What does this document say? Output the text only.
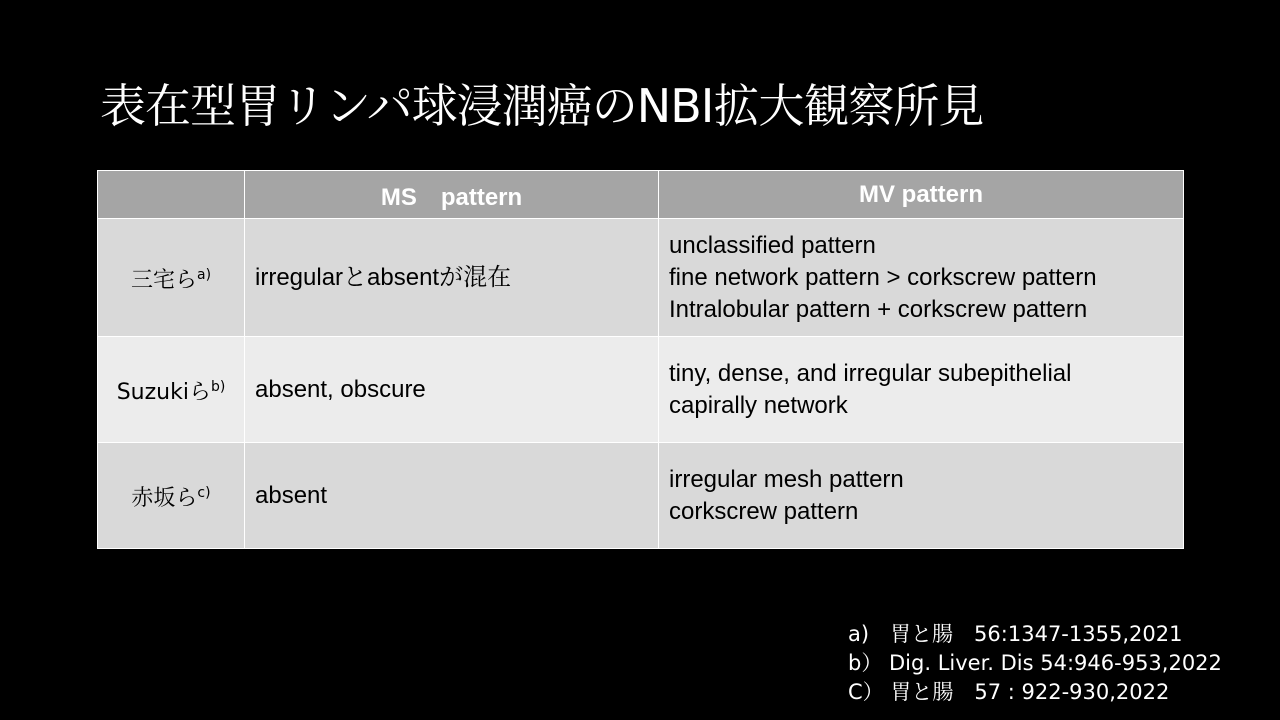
表在型胃リンパ球浸潤癌のNBI拡大観察所見
	MS　pattern	MV pattern
三宅ら$^{a)}$	irregularとabsentが混在	unclassified pattern
fine network pattern > corkscrew pattern
Intralobular pattern + corkscrew pattern

Suzukiら$^{b)}$	absent, obscure	tiny, dense, and irregular subepithelial
capirally network

赤坂ら$^{c)}$	absent	irregular mesh pattern
corkscrew pattern
a)　胃と腸　56:1347-1355,2021
b） Dig. Liver. Dis 54:946-953,2022
C） 胃と腸　57 : 922-930,2022
